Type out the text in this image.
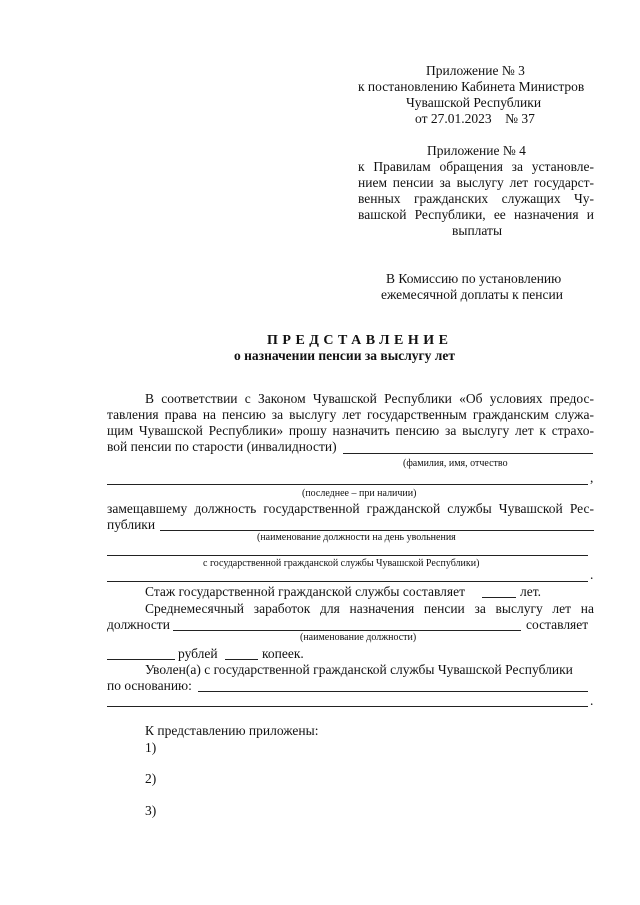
Приложение № 3
к постановлению Кабинета Министров
Чувашской Республики
от 27.01.2023    № 37
Приложение № 4
к Правилам обращения за установле-
нием пенсии за выслугу лет государст-
венных гражданских служащих Чу-
вашской Республики, ее назначения и
выплаты
В Комиссию по установлению
ежемесячной доплаты к пенсии
ПРЕДСТАВЛЕНИЕ
о назначении пенсии за выслугу лет
В соответствии с Законом Чувашской Республики «Об условиях предос-
тавления права на пенсию за выслугу лет государственным гражданским служа-
щим Чувашской Республики» прошу назначить пенсию за выслугу лет к страхо-
вой пенсии по старости (инвалидности)
(фамилия, имя, отчество
,
(последнее – при наличии)
замещавшему должность государственной гражданской службы Чувашской Рес-
публики
(наименование должности на день увольнения
с государственной гражданской службы Чувашской Республики)
.
Стаж государственной гражданской службы составляет	лет.
Среднемесячный заработок для назначения пенсии за выслугу лет на
должности	составляет
(наименование должности)
рублей	копеек.
Уволен(а) с государственной гражданской службы Чувашской Республики
по основанию:
.
К представлению приложены:
1)
2)
3)
